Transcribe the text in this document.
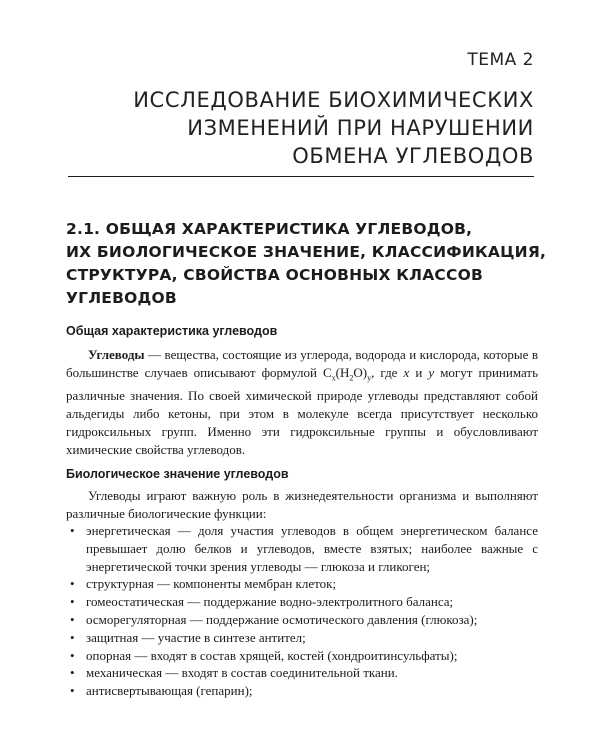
ТЕМА 2
ИССЛЕДОВАНИЕ БИОХИМИЧЕСКИХ
ИЗМЕНЕНИЙ ПРИ НАРУШЕНИИ
ОБМЕНА УГЛЕВОДОВ
2.1. ОБЩАЯ ХАРАКТЕРИСТИКА УГЛЕВОДОВ,
ИХ БИОЛОГИЧЕСКОЕ ЗНАЧЕНИЕ, КЛАССИФИКАЦИЯ,
СТРУКТУРА, СВОЙСТВА ОСНОВНЫХ КЛАССОВ
УГЛЕВОДОВ
Общая характеристика углеводов

Углеводы — вещества, состоящие из углерода, водорода и кислорода, которые в большинстве случаев описывают формулой $C_x(H_2O)_y$, где x и y могут принимать различные значения. По своей химической природе углеводы представляют собой альдегиды либо кетоны, при этом в молекуле всегда присутствует несколько гидроксильных групп. Именно эти гидроксильные группы и обусловливают химические свойства углеводов.

Биологическое значение углеводов

Углеводы играют важную роль в жизнедеятельности организма и выполняют различные биологические функции:

• энергетическая — доля участия углеводов в общем энергетическом балансе превышает долю белков и углеводов, вместе взятых; наиболее важные с энергетической точки зрения углеводы — глюкоза и гликоген;
• структурная — компоненты мембран клеток;
• гомеостатическая — поддержание водно-электролитного баланса;
• осморегуляторная — поддержание осмотического давления (глюкоза);
• защитная — участие в синтезе антител;
• опорная — входят в состав хрящей, костей (хондроитинсульфаты);
• механическая — входят в состав соединительной ткани.
• антисвертывающая (гепарин);
